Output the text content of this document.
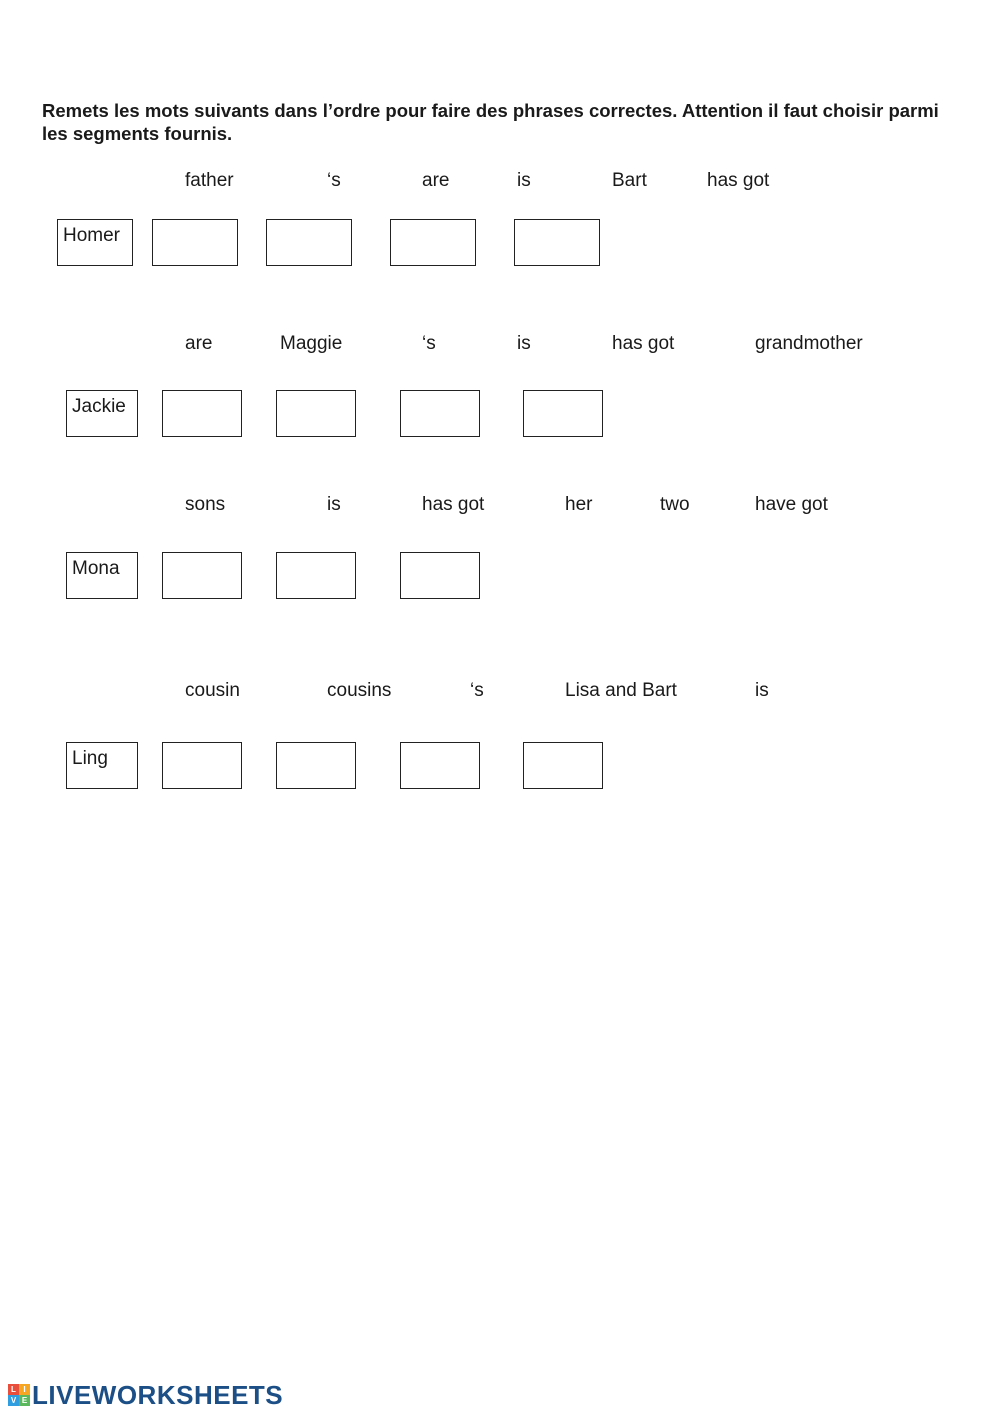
Remets les mots suivants dans l’ordre pour faire des phrases correctes. Attention il faut choisir parmi les segments fournis.

father	‘s	are	is	Bart	has got
Homer
are	Maggie	‘s	is	has got	grandmother
Jackie
sons	is	has got	her	two	have got
Mona
cousin	cousins	‘s	Lisa and Bart	is
Ling
L I
V E LIVEWORKSHEETS
